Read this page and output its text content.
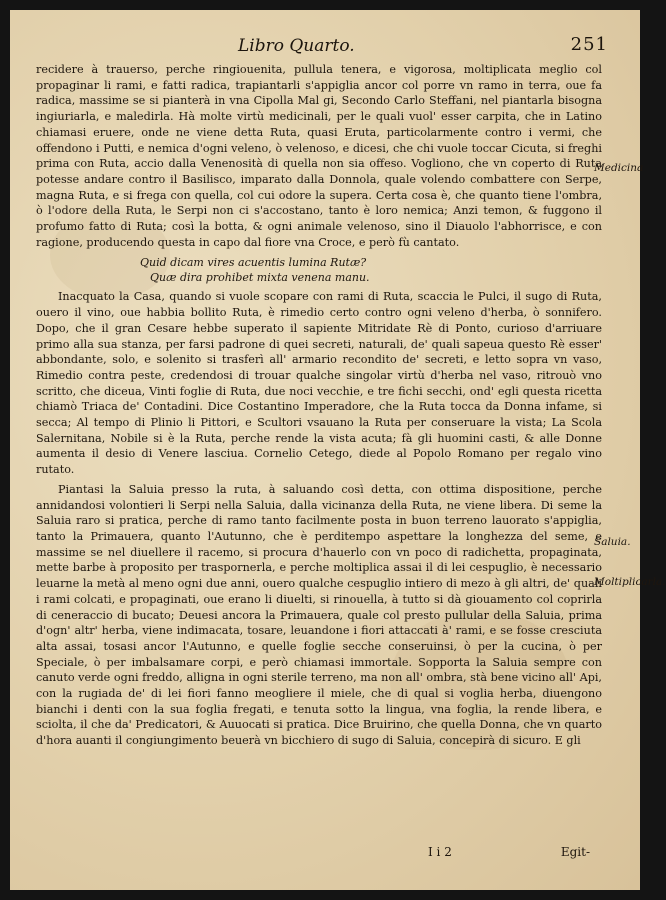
Libro Quarto.	251

recidere à trauerso, perche ringiouenita, pullula tenera, e vigorosa, moltiplicata meglio col propaginar li rami, e fatti radica, trapiantarli s'appiglia ancor col porre vn ramo in terra, oue fa radica, massime se si pianterà in vna Cipolla Mal gi, Secondo Carlo Steffani, nel piantarla bisogna ingiuriarla, e maledirla. Hà molte virtù medicinali, per le quali vuol' esser carpita, che in Latino chiamasi eruere, onde ne viene detta Ruta, quasi Eruta, particolarmente contro i vermi, che offendono i Putti, e nemica d'ogni veleno, ò velenoso, e dicesi, che chi vuole toccar Cicuta, si freghi prima con Ruta, accio dalla Venenosità di quella non sia offeso. Vogliono, che vn coperto di Ruta potesse andare contro il Basilisco, imparato dalla Donnola, quale volendo combattere con Serpe, magna Ruta, e si frega con quella, col cui odore la supera. Certa cosa è, che quanto tiene l'ombra, ò l'odore della Ruta, le Serpi non ci s'accostano, tanto è loro nemica; Anzi temon, & fuggono il profumo fatto di Ruta; così la botta, & ogni animale velenoso, sino il Diauolo l'abhorrisce, e con ragione, producendo questa in capo dal fiore vna Croce, e però fù cantato.

Quid dicam vires acuentis lumina Rutæ?
Quæ dira prohibet mixta venena manu.

Inacquato la Casa, quando si vuole scopare con rami di Ruta, scaccia le Pulci, il sugo di Ruta, ouero il vino, oue habbia bollito Ruta, è rimedio certo contro ogni veleno d'herba, ò sonnifero. Dopo, che il gran Cesare hebbe superato il sapiente Mitridate Rè di Ponto, curioso d'arriuare primo alla sua stanza, per farsi padrone di quei secreti, naturali, de' quali sapeua questo Rè esser' abbondante, solo, e solenito si trasferì all' armario recondito de' secreti, e letto sopra vn vaso, Rimedio contra peste, credendosi di trouar qualche singolar virtù d'herba nel vaso, ritrouò vno scritto, che diceua, Vinti foglie di Ruta, due noci vecchie, e tre fichi secchi, ond' egli questa ricetta chiamò Triaca de' Contadini. Dice Costantino Imperadore, che la Ruta tocca da Donna infame, si secca; Al tempo di Plinio li Pittori, e Scultori vsauano la Ruta per conseruare la vista; La Scola Salernitana, Nobile si è la Ruta, perche rende la vista acuta; fà gli huomini casti, & alle Donne aumenta il desio di Venere lasciua. Cornelio Cetego, diede al Popolo Romano per regalo vino rutato.

Piantasi la Saluia presso la ruta, à saluando così detta, con ottima dispositione, perche annidandosi volontieri li Serpi nella Saluia, dalla vicinanza della Ruta, ne viene libera. Di seme la Saluia raro si pratica, perche di ramo tanto facilmente posta in buon terreno lauorato s'appiglia, tanto la Primauera, quanto l'Autunno, che è perditempo aspettare la longhezza del seme, e massime se nel diuellere il racemo, si procura d'hauerlo con vn poco di radichetta, propaginata, mette barbe à proposito per traspornerla, e perche moltiplica assai il di lei cespuglio, è necessario leuarne la metà al meno ogni due anni, ouero qualche cespuglio intiero di mezo à gli altri, de' quali i rami colcati, e propaginati, oue erano li diuelti, si rinouella, à tutto si dà giouamento col coprirla di ceneraccio di bucato; Deuesi ancora la Primauera, quale col presto pullular della Saluia, prima d'ogn' altr' herba, viene indimacata, tosare, leuandone i fiori attaccati à' rami, e se fosse cresciuta alta assai, tosasi ancor l'Autunno, e quelle foglie secche conseruinsi, ò per la cucina, ò per Speciale, ò per imbalsamare corpi, e però chiamasi immortale. Sopporta la Saluia sempre con canuto verde ogni freddo, alligna in ogni sterile terreno, ma non all' ombra, stà bene vicino all' Api, con la rugiada de' di lei fiori fanno meogliere il miele, che di qual si voglia herba, diuengono bianchi i denti con la sua foglia fregati, e tenuta sotto la lingua, vna foglia, la rende libera, e sciolta, il che da' Predicatori, & Auuocati si pratica. Dice Bruirino, che quella Donna, che vn quarto d'hora auanti il congiungimento beuerà vn bicchiero di sugo di Saluia, concepirà di sicuro. E gli

Medicina
Saluia.
Moltiplicarla.
I i 2	Egit-
